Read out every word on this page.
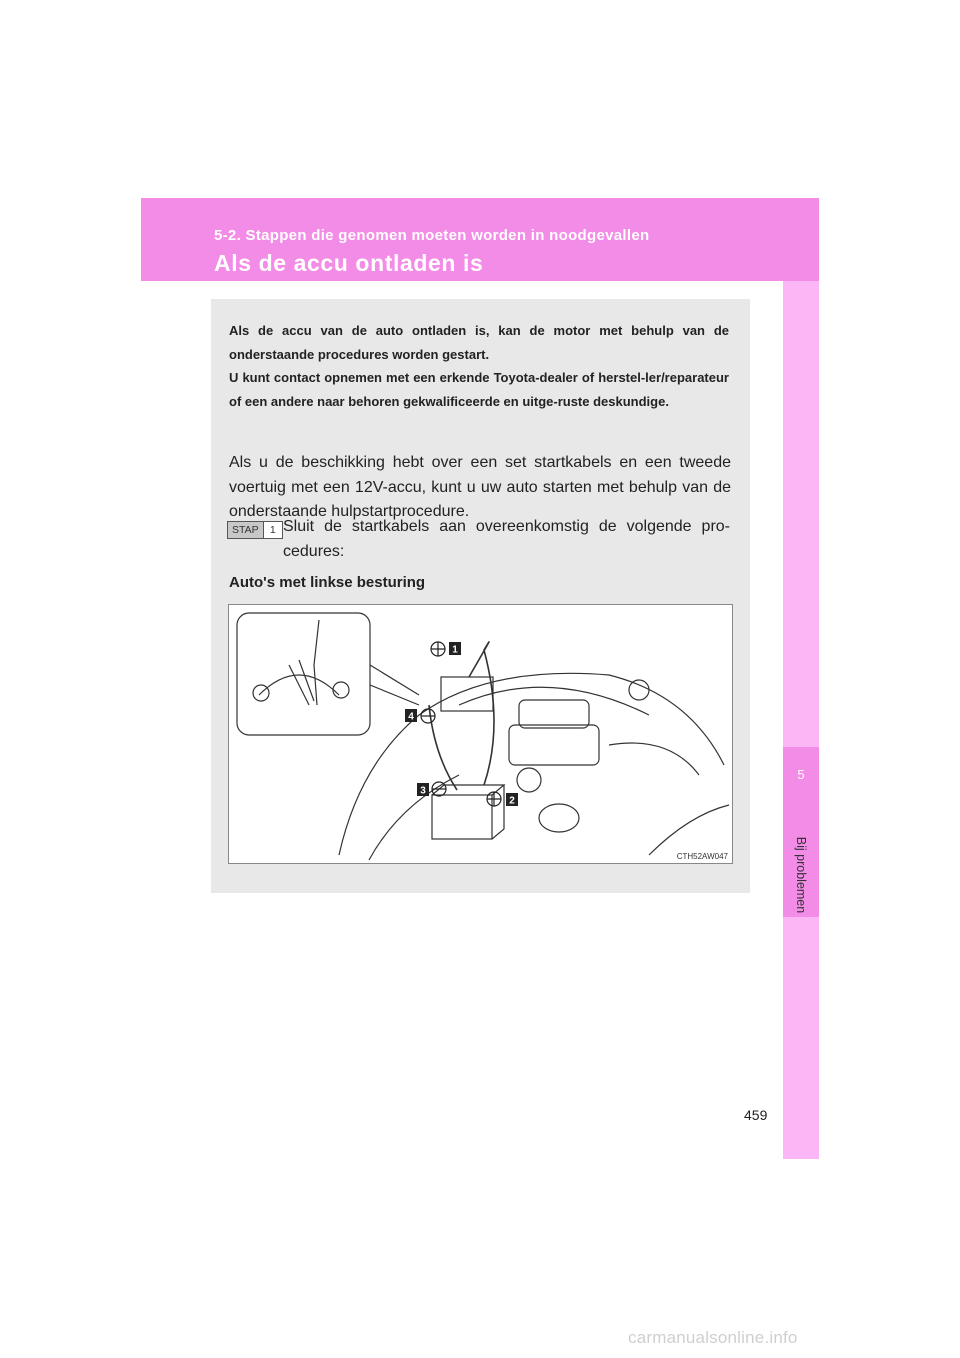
5-2. Stappen die genomen moeten worden in noodgevallen

Als de accu ontladen is
5
Bij problemen
459

Als de accu van de auto ontladen is, kan de motor met behulp van de onderstaande procedures worden gestart.

U kunt contact opnemen met een erkende Toyota-dealer of herstel-ler/reparateur of een andere naar behoren gekwalificeerde en uitge-ruste deskundige.

Als u de beschikking hebt over een set startkabels en een tweede voertuig met een 12V-accu, kunt u uw auto starten met behulp van de onderstaande hulpstartprocedure.

STAP	1 Sluit de startkabels aan overeenkomstig de volgende pro-cedures:

Auto's met linkse besturing
1
2
3
4
CTH52AW047
carmanualsonline.info
